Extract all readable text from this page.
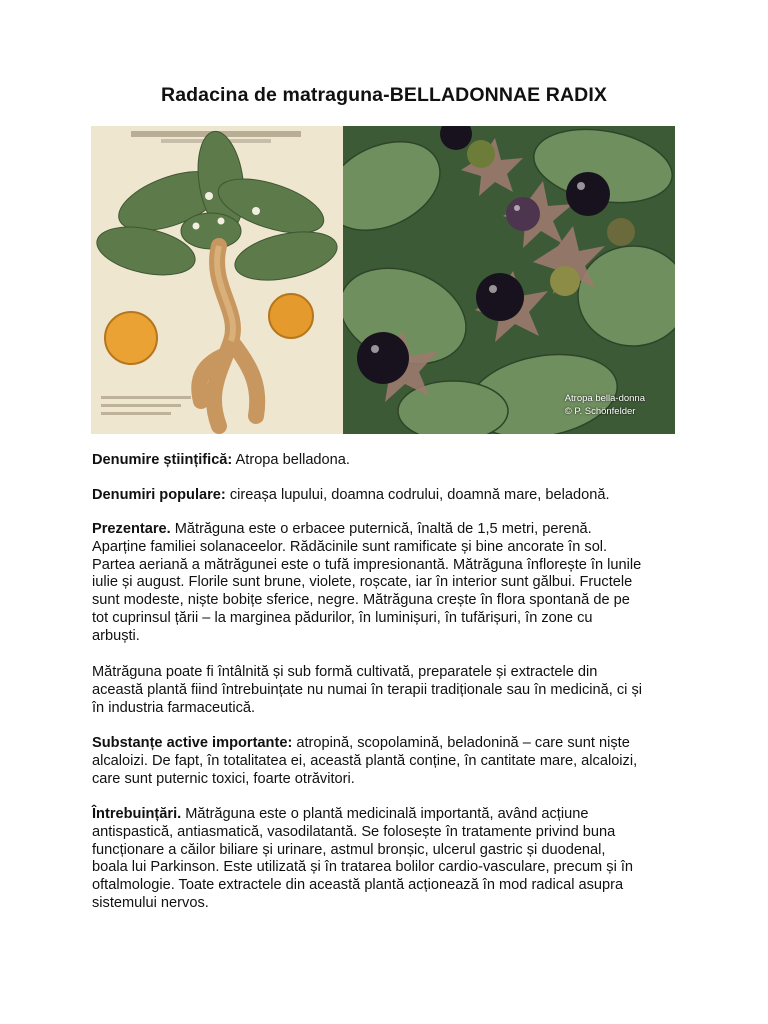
Radacina de matraguna-BELLADONNAE RADIX
Atropa bella-donna
© P. Schönfelder

Denumire științifică: Atropa belladona.

Denumiri populare: cireașa lupului, doamna codrului, doamnă mare, beladonă.

Prezentare. Mătrăguna este o erbacee puternică, înaltă de 1,5 metri, perenă.
Aparține familiei solanaceelor. Rădăcinile sunt ramificate și bine ancorate în sol.
Partea aeriană a mătrăgunei este o tufă impresionantă. Mătrăguna înflorește în lunile
iulie și august. Florile sunt brune, violete, roșcate, iar în interior sunt gălbui. Fructele
sunt modeste, niște bobițe sferice, negre. Mătrăguna crește în flora spontană de pe
tot cuprinsul țării – la marginea pădurilor, în luminișuri, în tufărișuri, în zone cu
arbuști.

Mătrăguna poate fi întâlnită și sub formă cultivată, preparatele și extractele din
această plantă fiind întrebuințate nu numai în terapii tradiționale sau în medicină, ci și
în industria farmaceutică.

Substanțe active importante: atropină, scopolamină, beladonină – care sunt niște
alcaloizi. De fapt, în totalitatea ei, această plantă conține, în cantitate mare, alcaloizi,
care sunt puternic toxici, foarte otrăvitori.

Întrebuințări. Mătrăguna este o plantă medicinală importantă, având acțiune
antispastică, antiasmatică, vasodilatantă. Se folosește în tratamente privind buna
funcționare a căilor biliare și urinare, astmul bronșic, ulcerul gastric și duodenal,
boala lui Parkinson. Este utilizată și în tratarea bolilor cardio-vasculare, precum și în
oftalmologie. Toate extractele din această plantă acționează în mod radical asupra
sistemului nervos.
